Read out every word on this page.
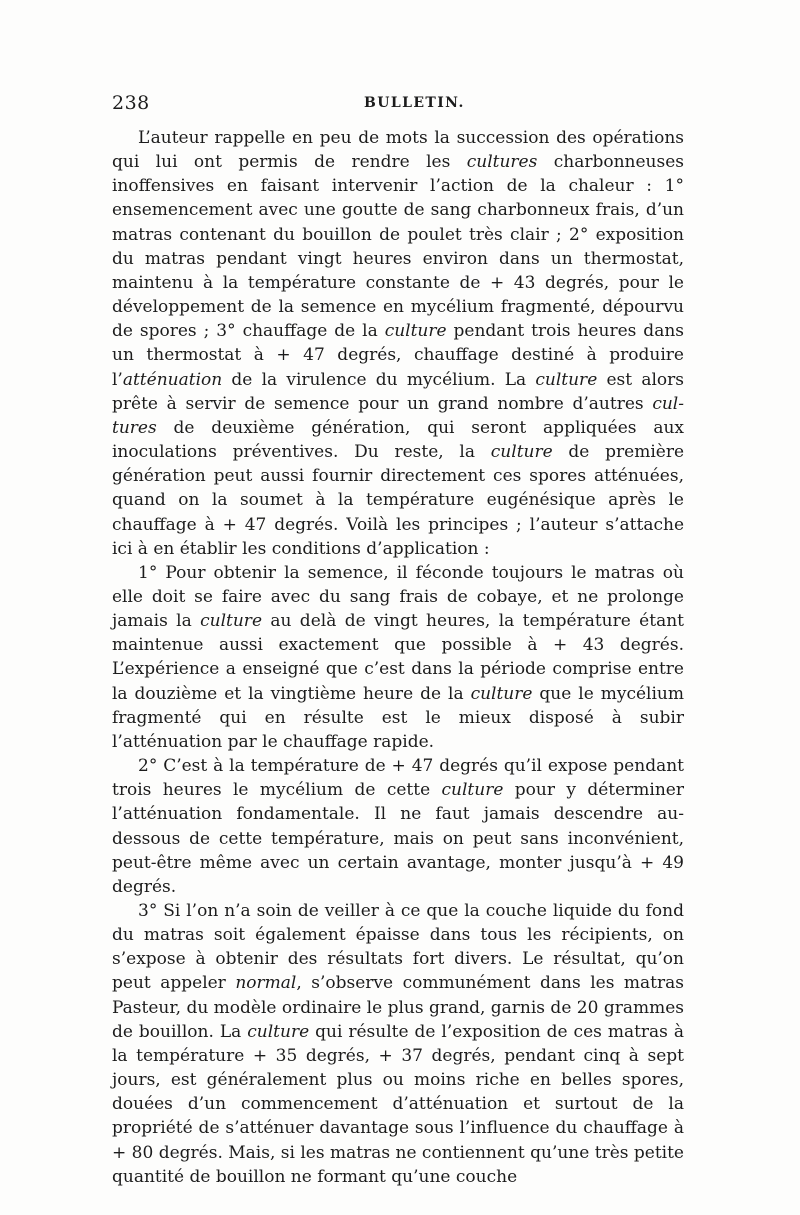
238	BULLETIN.

L’auteur rappelle en peu de mots la succession des opérations qui lui ont permis de rendre les cultures charbonneuses inoffensives en faisant intervenir l’action de la chaleur : 1° ensemencement avec une goutte de sang charbonneux frais, d’un matras contenant du bouillon de poulet très clair ; 2° exposition du matras pendant vingt heures environ dans un thermostat, maintenu à la température constante de + 43 degrés, pour le développement de la semence en mycélium fragmenté, dépourvu de spores ; 3° chauffage de la culture pendant trois heures dans un thermostat à + 47 degrés, chauffage destiné à produire l’atténuation de la virulence du mycélium. La culture est alors prête à servir de semence pour un grand nombre d’autres cultures de deuxième génération, qui seront appliquées aux inoculations préventives. Du reste, la culture de première génération peut aussi fournir directement ces spores atténuées, quand on la soumet à la température eugénésique après le chauffage à + 47 degrés. Voilà les principes ; l’auteur s’attache ici à en établir les conditions d’application :

1° Pour obtenir la semence, il féconde toujours le matras où elle doit se faire avec du sang frais de cobaye, et ne prolonge jamais la culture au delà de vingt heures, la température étant maintenue aussi exactement que possible à + 43 degrés. L’expérience a enseigné que c’est dans la période comprise entre la douzième et la vingtième heure de la culture que le mycélium fragmenté qui en résulte est le mieux disposé à subir l’atténuation par le chauffage rapide.

2° C’est à la température de + 47 degrés qu’il expose pendant trois heures le mycélium de cette culture pour y déterminer l’atténuation fondamentale. Il ne faut jamais descendre au-dessous de cette température, mais on peut sans inconvénient, peut-être même avec un certain avantage, monter jusqu’à + 49 degrés.

3° Si l’on n’a soin de veiller à ce que la couche liquide du fond du matras soit également épaisse dans tous les récipients, on s’expose à obtenir des résultats fort divers. Le résultat, qu’on peut appeler normal, s’observe communément dans les matras Pasteur, du modèle ordinaire le plus grand, garnis de 20 grammes de bouillon. La culture qui résulte de l’exposition de ces matras à la température + 35 degrés, + 37 degrés, pendant cinq à sept jours, est généralement plus ou moins riche en belles spores, douées d’un commencement d’atténuation et surtout de la propriété de s’atténuer davantage sous l’influence du chauffage à + 80 degrés. Mais, si les matras ne contiennent qu’une très petite quantité de bouillon ne formant qu’une couche
